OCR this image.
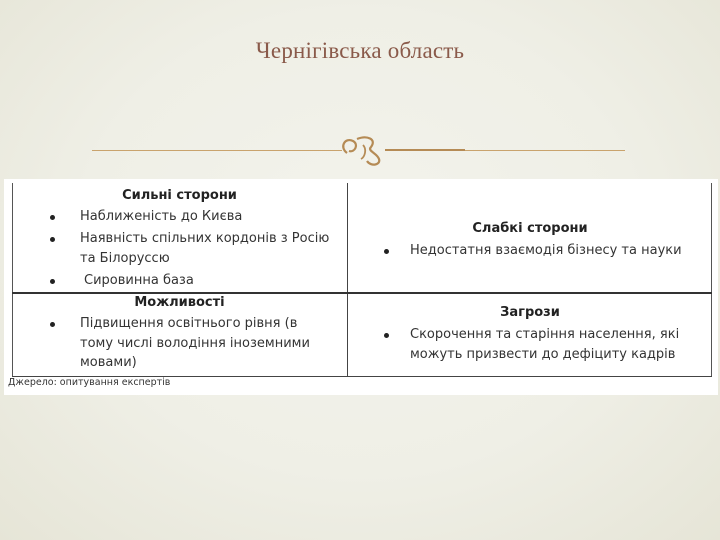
Чернігівська область
Сильні сторони
Наближеність до Києва
Наявність спільних кордонів з Росію
та Білоруссю
Сировинна база
Слабкі сторони
Недостатня взаємодія бізнесу та науки
Можливості
Підвищення освітнього рівня (в
тому числі володіння іноземними
мовами)
Загрози
Скорочення та старіння населення, які
можуть призвести до дефіциту кадрів
Джерело: опитування експертів
